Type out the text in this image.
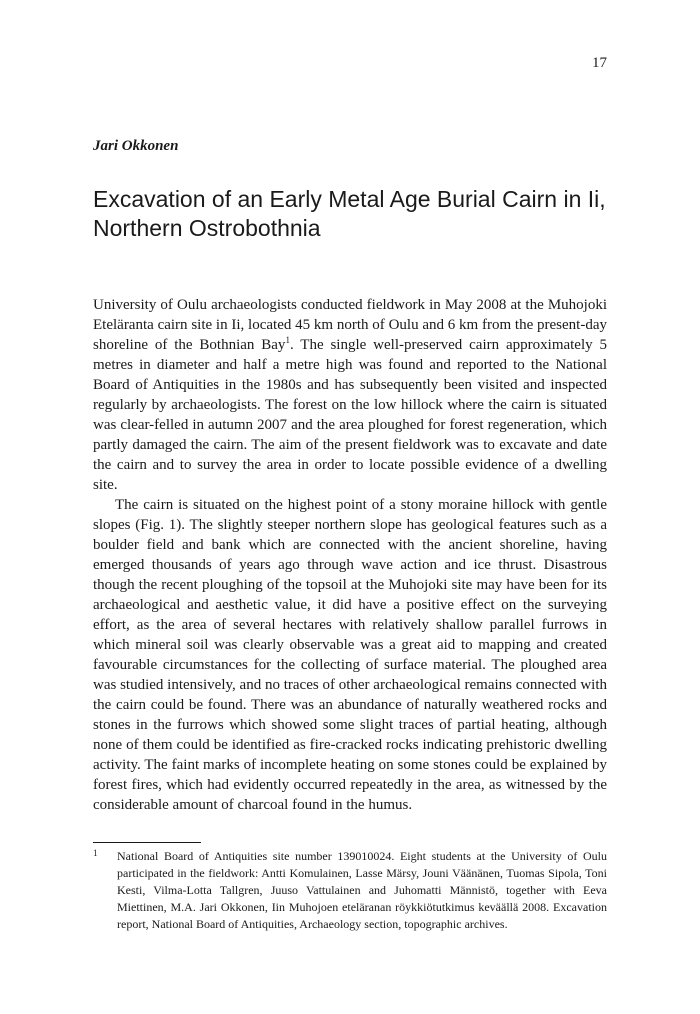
17
Jari Okkonen
Excavation of an Early Metal Age Burial Cairn in Ii, Northern Ostrobothnia

University of Oulu archaeologists conducted fieldwork in May 2008 at the Muhojoki Eteläranta cairn site in Ii, located 45 km north of Oulu and 6 km from the present-day shoreline of the Bothnian Bay$^1$. The single well-preserved cairn approximately 5 metres in diameter and half a metre high was found and reported to the National Board of Antiquities in the 1980s and has subsequently been visited and inspected regularly by archaeologists. The forest on the low hillock where the cairn is situated was clear-felled in autumn 2007 and the area ploughed for forest regeneration, which partly damaged the cairn. The aim of the present fieldwork was to excavate and date the cairn and to survey the area in order to locate possible evidence of a dwelling site.

The cairn is situated on the highest point of a stony moraine hillock with gentle slopes (Fig. 1). The slightly steeper northern slope has geological features such as a boulder field and bank which are connected with the ancient shoreline, having emerged thousands of years ago through wave action and ice thrust. Disastrous though the recent ploughing of the topsoil at the Muhojoki site may have been for its archaeological and aesthetic value, it did have a positive effect on the surveying effort, as the area of several hectares with relatively shallow parallel furrows in which mineral soil was clearly observable was a great aid to mapping and created favourable circumstances for the collecting of surface material. The ploughed area was studied intensively, and no traces of other archaeological remains connected with the cairn could be found. There was an abundance of naturally weathered rocks and stones in the furrows which showed some slight traces of partial heating, although none of them could be identified as fire-cracked rocks indicating prehistoric dwelling activity. The faint marks of incomplete heating on some stones could be explained by forest fires, which had evidently occurred repeatedly in the area, as witnessed by the considerable amount of charcoal found in the humus.

1 National Board of Antiquities site number 139010024. Eight students at the University of Oulu participated in the fieldwork: Antti Komulainen, Lasse Märsy, Jouni Väänänen, Tuomas Sipola, Toni Kesti, Vilma-Lotta Tallgren, Juuso Vattulainen and Juhomatti Männistö, together with Eeva Miettinen, M.A. Jari Okkonen, Iin Muhojoen eteläranan röykkiötutkimus keväällä 2008. Excavation report, National Board of Antiquities, Archaeology section, topographic archives.
